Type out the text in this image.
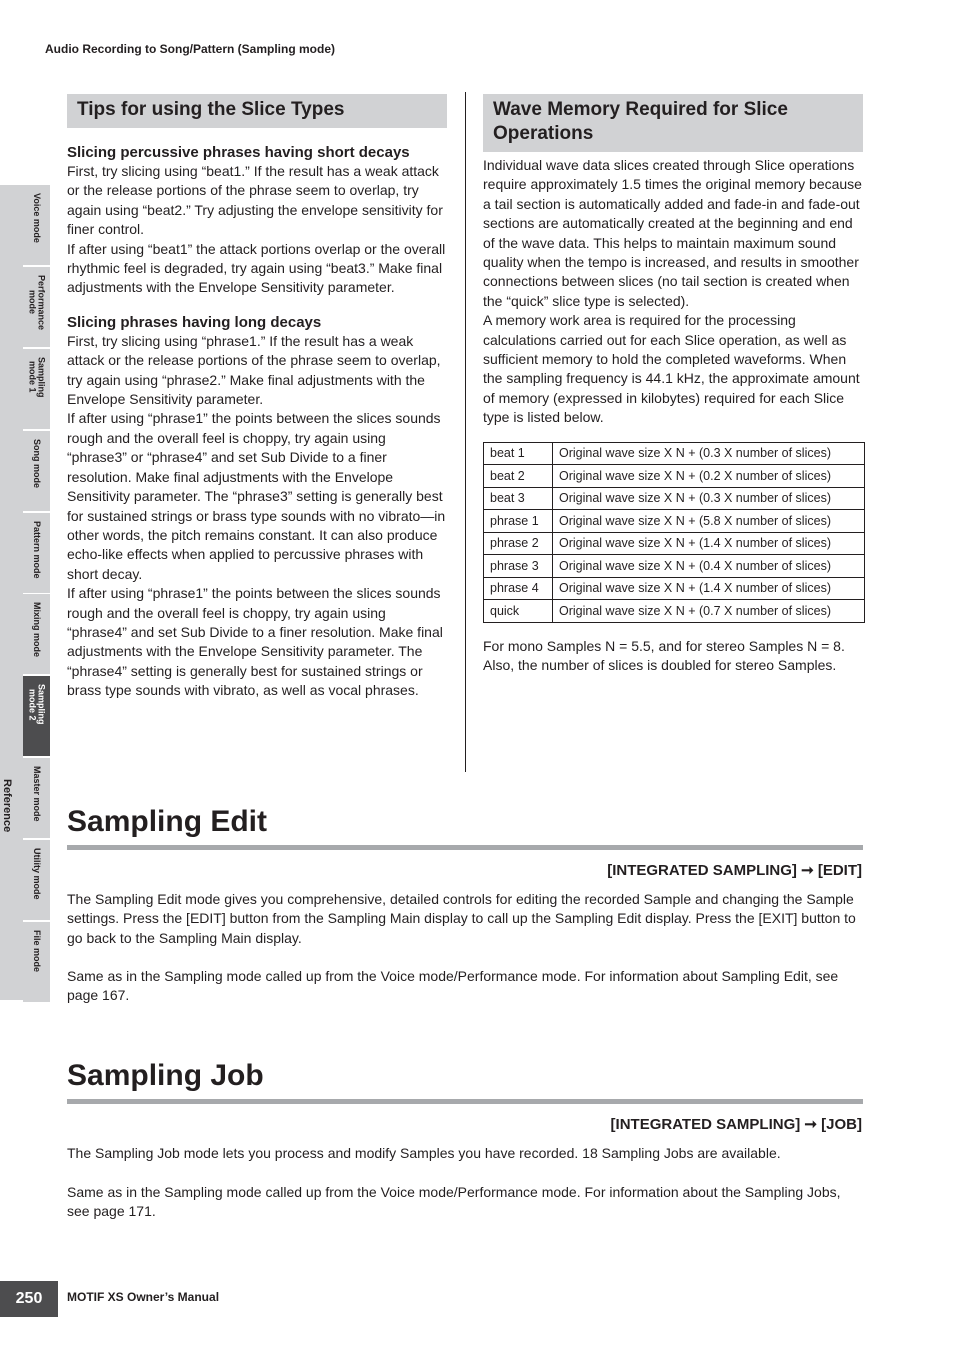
Audio Recording to Song/Pattern (Sampling mode)
Reference
Voice mode
Performance
mode
Sampling
mode 1
Song mode
Pattern mode
Mixing mode
Sampling
mode 2
Master mode
Utility mode
File mode
Tips for using the Slice Types
Slicing percussive phrases having short decays

First, try slicing using “beat1.” If the result has a weak attack or the release portions of the phrase seem to overlap, try again using “beat2.” Try adjusting the envelope sensitivity for finer control.

If after using “beat1” the attack portions overlap or the overall rhythmic feel is degraded, try again using “beat3.” Make final adjustments with the Envelope Sensitivity parameter.

Slicing phrases having long decays

First, try slicing using “phrase1.” If the result has a weak attack or the release portions of the phrase seem to overlap, try again using “phrase2.” Make final adjustments with the Envelope Sensitivity parameter.

If after using “phrase1” the points between the slices sounds rough and the overall feel is choppy, try again using “phrase3” or “phrase4” and set Sub Divide to a finer resolution. Make final adjustments with the Envelope Sensitivity parameter. The “phrase3” setting is generally best for sustained strings or brass type sounds with no vibrato—in other words, the pitch remains constant. It can also produce echo-like effects when applied to percussive phrases with short decay.

If after using “phrase1” the points between the slices sounds rough and the overall feel is choppy, try again using “phrase4” and set Sub Divide to a finer resolution. Make final adjustments with the Envelope Sensitivity parameter. The “phrase4” setting is generally best for sustained strings or brass type sounds with vibrato, as well as vocal phrases.

Wave Memory Required for Slice Operations

Individual wave data slices created through Slice operations require approximately 1.5 times the original memory because a tail section is automatically added and fade-in and fade-out sections are automatically created at the beginning and end of the wave data. This helps to maintain maximum sound quality when the tempo is increased, and results in smoother connections between slices (no tail section is created when the “quick” slice type is selected).

A memory work area is required for the processing calculations carried out for each Slice operation, as well as sufficient memory to hold the completed waveforms. When the sampling frequency is 44.1 kHz, the approximate amount of memory (expressed in kilobytes) required for each Slice type is listed below.

beat 1	Original wave size X N + (0.3 X number of slices)
beat 2	Original wave size X N + (0.2 X number of slices)
beat 3	Original wave size X N + (0.3 X number of slices)
phrase 1	Original wave size X N + (5.8 X number of slices)
phrase 2	Original wave size X N + (1.4 X number of slices)
phrase 3	Original wave size X N + (0.4 X number of slices)
phrase 4	Original wave size X N + (1.4 X number of slices)
quick	Original wave size X N + (0.7 X number of slices)

For mono Samples N = 5.5, and for stereo Samples N = 8. Also, the number of slices is doubled for stereo Samples.

Sampling Edit
[INTEGRATED SAMPLING] ➞ [EDIT]

The Sampling Edit mode gives you comprehensive, detailed controls for editing the recorded Sample and changing the Sample settings. Press the [EDIT] button from the Sampling Main display to call up the Sampling Edit display. Press the [EXIT] button to go back to the Sampling Main display.

Same as in the Sampling mode called up from the Voice mode/Performance mode. For information about Sampling Edit, see page 167.

Sampling Job
[INTEGRATED SAMPLING] ➞ [JOB]

The Sampling Job mode lets you process and modify Samples you have recorded. 18 Sampling Jobs are available.

Same as in the Sampling mode called up from the Voice mode/Performance mode. For information about the Sampling Jobs, see page 171.

250	MOTIF XS Owner’s Manual
